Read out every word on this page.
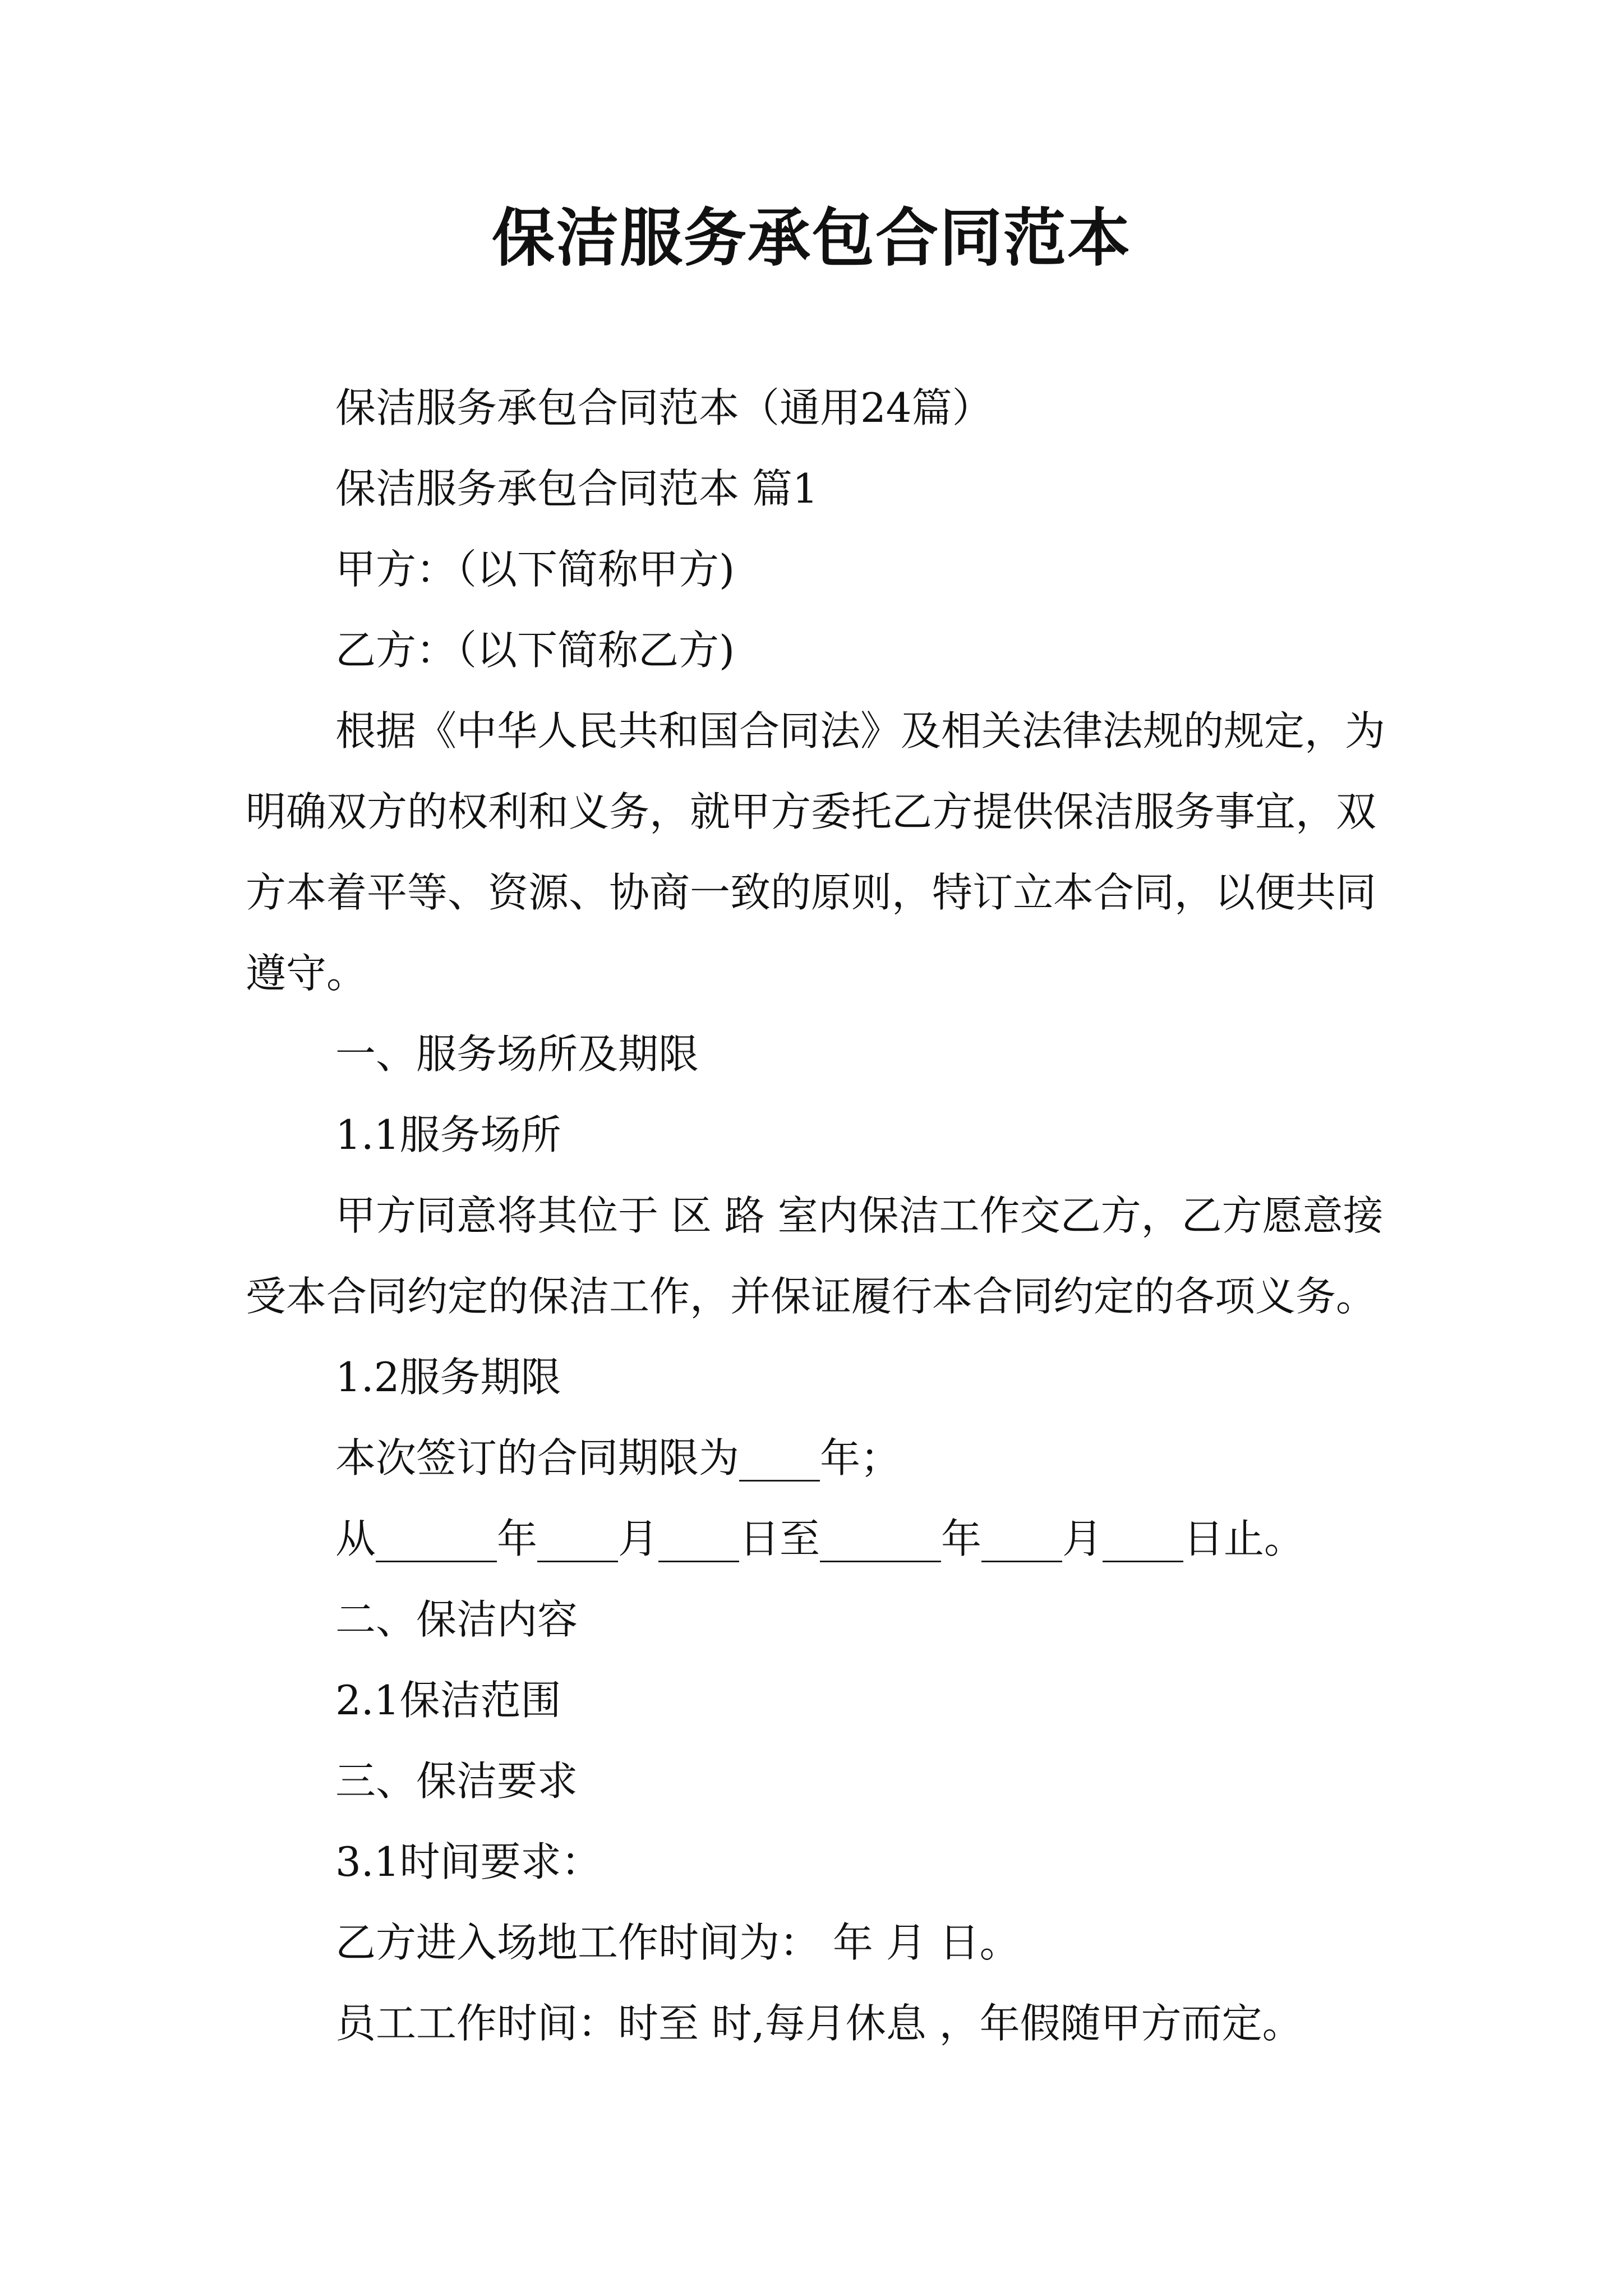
保洁服务承包合同范本

保洁服务承包合同范本（通用24篇）

保洁服务承包合同范本 篇1

甲方：（以下简称甲方)

乙方：（以下简称乙方)

根据《中华人民共和国合同法》及相关法律法规的规定，为明确双方的权利和义务，就甲方委托乙方提供保洁服务事宜，双方本着平等、资源、协商一致的原则，特订立本合同，以便共同遵守。

一、服务场所及期限

1.1服务场所

甲方同意将其位于 区 路 室内保洁工作交乙方，乙方愿意接受本合同约定的保洁工作，并保证履行本合同约定的各项义务。

1.2服务期限

本次签订的合同期限为____年；

从______年____月____日至______年____月____日止。

二、保洁内容

2.1保洁范围

三、保洁要求

3.1时间要求：

乙方进入场地工作时间为： 年 月 日。

员工工作时间：时至 时,每月休息 ，年假随甲方而定。
